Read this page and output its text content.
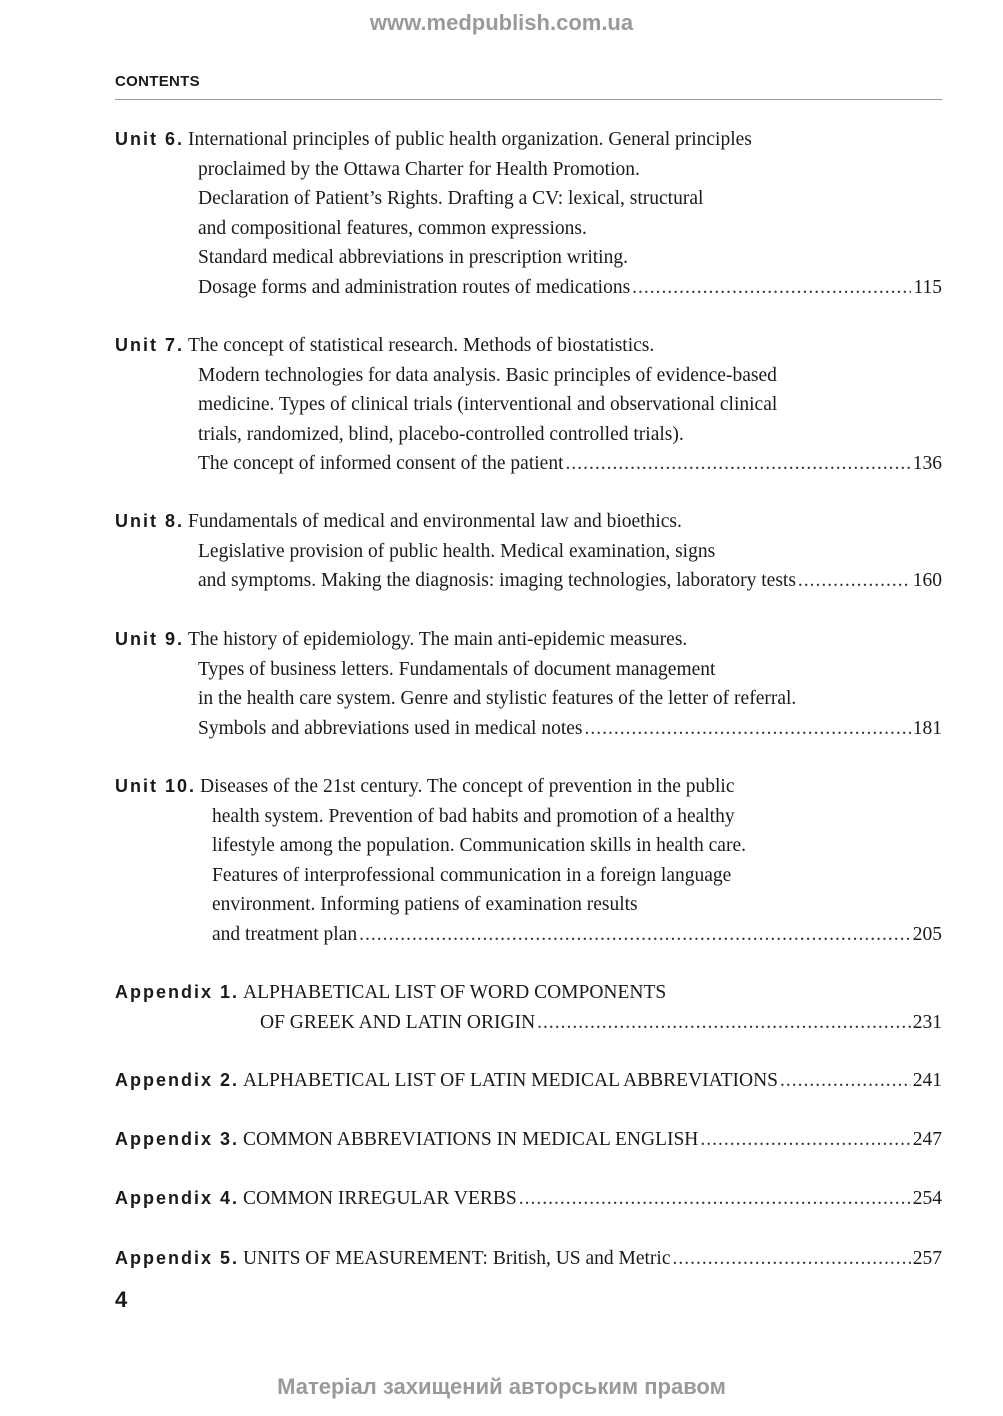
www.medpublish.com.ua
CONTENTS
Unit 6. International principles of public health organization. General principles
proclaimed by the Ottawa Charter for Health Promotion.
Declaration of Patient’s Rights. Drafting a CV: lexical, structural
and compositional features, common expressions.
Standard medical abbreviations in prescription writing.
Dosage forms and administration routes of medications .....	115
Unit 7. The concept of statistical research. Methods of biostatistics.
Modern technologies for data analysis. Basic principles of evidence-based
medicine. Types of clinical trials (interventional and observational clinical
trials, randomized, blind, placebo-controlled controlled trials).
The concept of informed consent of the patient .....	136
Unit 8. Fundamentals of medical and environmental law and bioethics.
Legislative provision of public health. Medical examination, signs
and symptoms. Making the diagnosis: imaging technologies, laboratory tests .....	160
Unit 9. The history of epidemiology. The main anti-epidemic measures.
Types of business letters. Fundamentals of document management
in the health care system. Genre and stylistic features of the letter of referral.
Symbols and abbreviations used in medical notes .....	181
Unit 10. Diseases of the 21st century. The concept of prevention in the public
health system. Prevention of bad habits and promotion of a healthy
lifestyle among the population. Communication skills in health care.
Features of interprofessional communication in a foreign language
environment. Informing patiens of examination results
and treatment plan .....	205
Appendix 1. ALPHABETICAL LIST OF WORD COMPONENTS
OF GREEK AND LATIN ORIGIN .....	231
Appendix 2. ALPHABETICAL LIST OF LATIN MEDICAL ABBREVIATIONS .....	241
Appendix 3. COMMON ABBREVIATIONS IN MEDICAL ENGLISH .....	247
Appendix 4. COMMON IRREGULAR VERBS .....	254
Appendix 5. UNITS OF MEASUREMENT: British, US and Metric .....	257
4
Матеріал захищений авторським правом
